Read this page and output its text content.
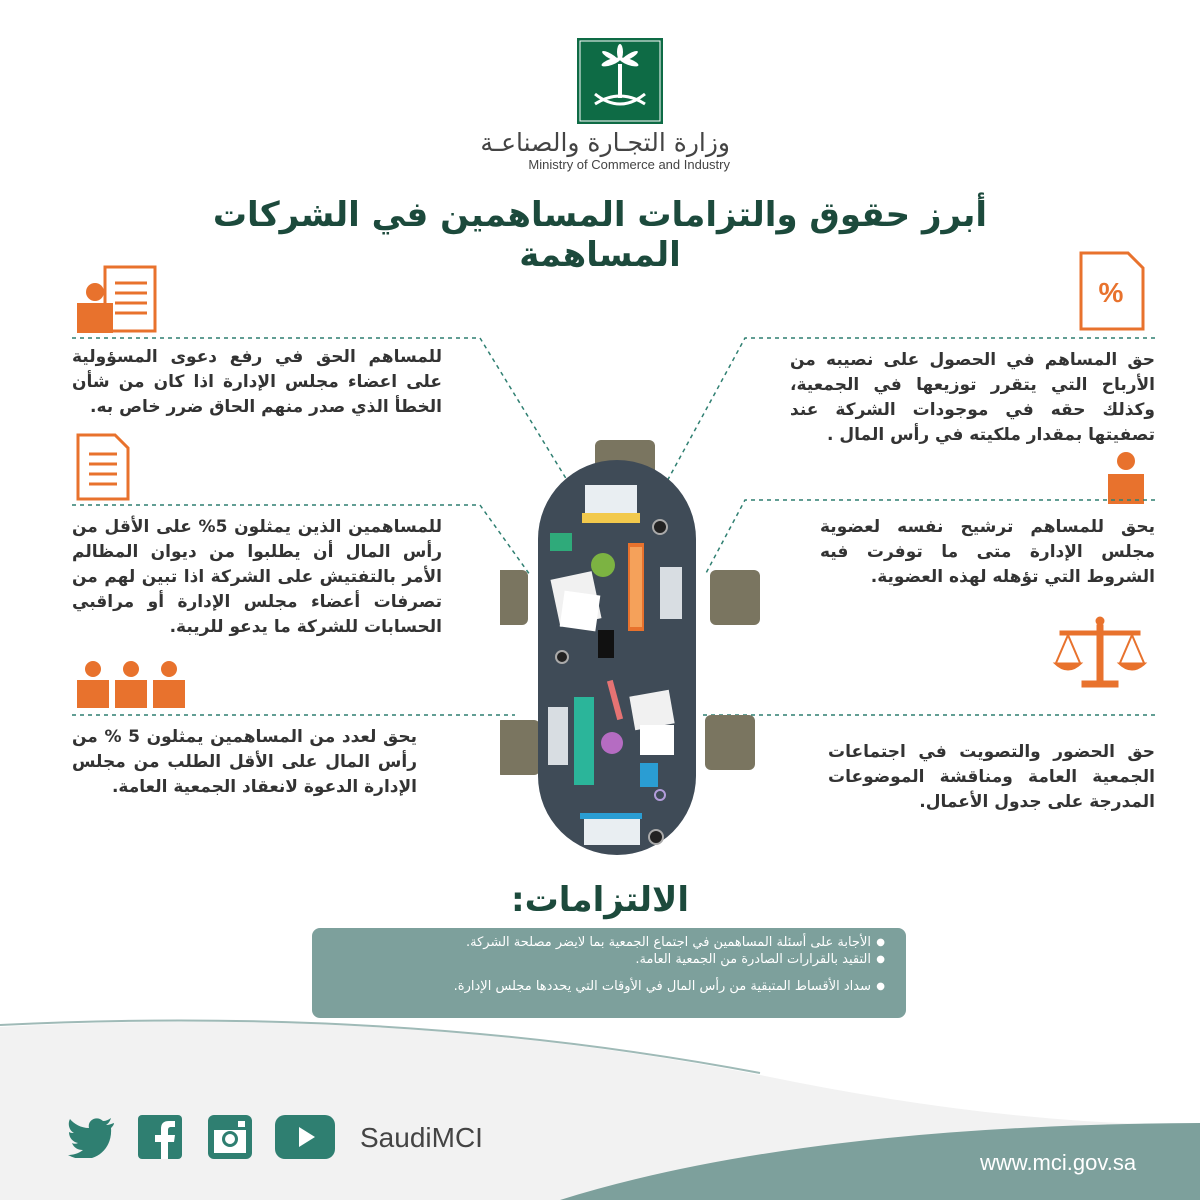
وزارة التجـارة والصناعـة
Ministry of Commerce and Industry
أبرز حقوق والتزامات المساهمين في الشركات المساهمة
%
للمساهم الحق في رفع دعوى المسؤولية على اعضاء مجلس الإدارة اذا كان من شأن الخطأ الذي صدر منهم الحاق ضرر خاص به.
للمساهمين الذين يمثلون 5% على الأقل من رأس المال أن يطلبوا من ديوان المظالم الأمر بالتفتيش على الشركة اذا تبين لهم من تصرفات أعضاء مجلس الإدارة أو مراقبي الحسابات للشركة ما يدعو للريبة.
يحق لعدد من المساهمين يمثلون 5 % من رأس المال على الأقل الطلب من مجلس الإدارة الدعوة لانعقاد الجمعية العامة.
حق المساهم في الحصول على نصيبه من الأرباح التي يتقرر توزيعها في الجمعية، وكذلك حقه في موجودات الشركة عند تصفيتها بمقدار ملكيته في رأس المال .
يحق للمساهم ترشيح نفسه لعضوية مجلس الإدارة متى ما توفرت فيه الشروط التي تؤهله لهذه العضوية.
حق الحضور والتصويت في اجتماعات الجمعية العامة ومناقشة الموضوعات المدرجة على جدول الأعمال.
الالتزامات:
● الأجابة على أسئلة المساهمين في اجتماع الجمعية بما لايضر مصلحة الشركة.
● التقيد بالقرارات الصادرة من الجمعية العامة.
● سداد الأقساط المتبقية من رأس المال في الأوقات التي يحددها مجلس الإدارة.
SaudiMCI
www.mci.gov.sa
